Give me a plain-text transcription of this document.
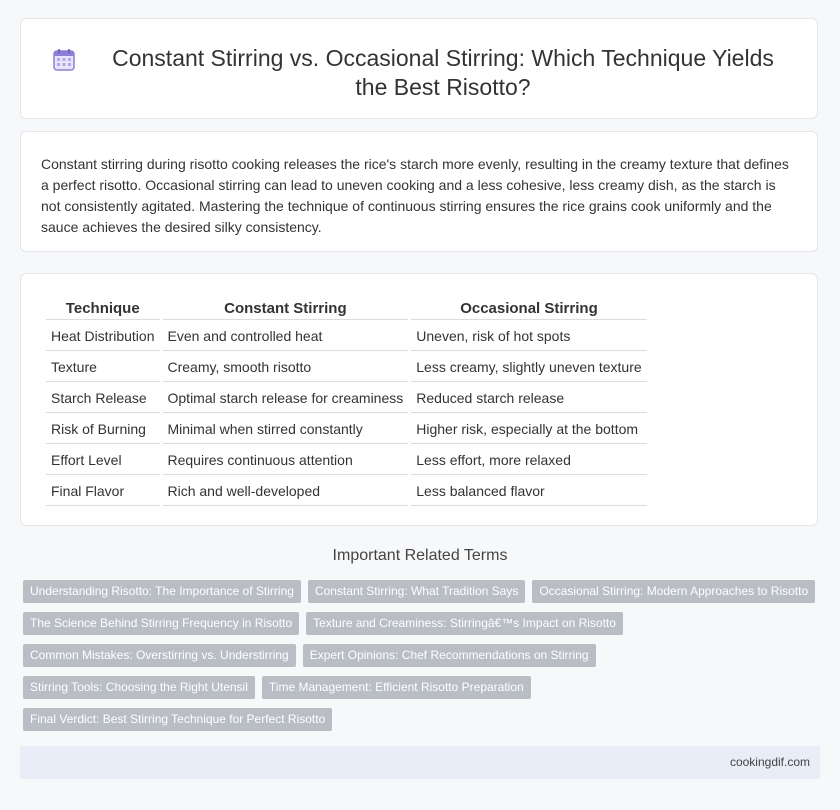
Constant Stirring vs. Occasional Stirring: Which Technique Yields the Best Risotto?

Constant stirring during risotto cooking releases the rice's starch more evenly, resulting in the creamy texture that defines a perfect risotto. Occasional stirring can lead to uneven cooking and a less cohesive, less creamy dish, as the starch is not consistently agitated. Mastering the technique of continuous stirring ensures the rice grains cook uniformly and the sauce achieves the desired silky consistency.

Technique	Constant Stirring	Occasional Stirring
Heat Distribution	Even and controlled heat	Uneven, risk of hot spots
Texture	Creamy, smooth risotto	Less creamy, slightly uneven texture
Starch Release	Optimal starch release for creaminess	Reduced starch release
Risk of Burning	Minimal when stirred constantly	Higher risk, especially at the bottom
Effort Level	Requires continuous attention	Less effort, more relaxed
Final Flavor	Rich and well-developed	Less balanced flavor
Important Related Terms
Understanding Risotto: The Importance of Stirring	Constant Stirring: What Tradition Says	Occasional Stirring: Modern Approaches to Risotto
The Science Behind Stirring Frequency in Risotto	Texture and Creaminess: Stirringâ€™s Impact on Risotto
Common Mistakes: Overstirring vs. Understirring	Expert Opinions: Chef Recommendations on Stirring
Stirring Tools: Choosing the Right Utensil	Time Management: Efficient Risotto Preparation
Final Verdict: Best Stirring Technique for Perfect Risotto
cookingdif.com
